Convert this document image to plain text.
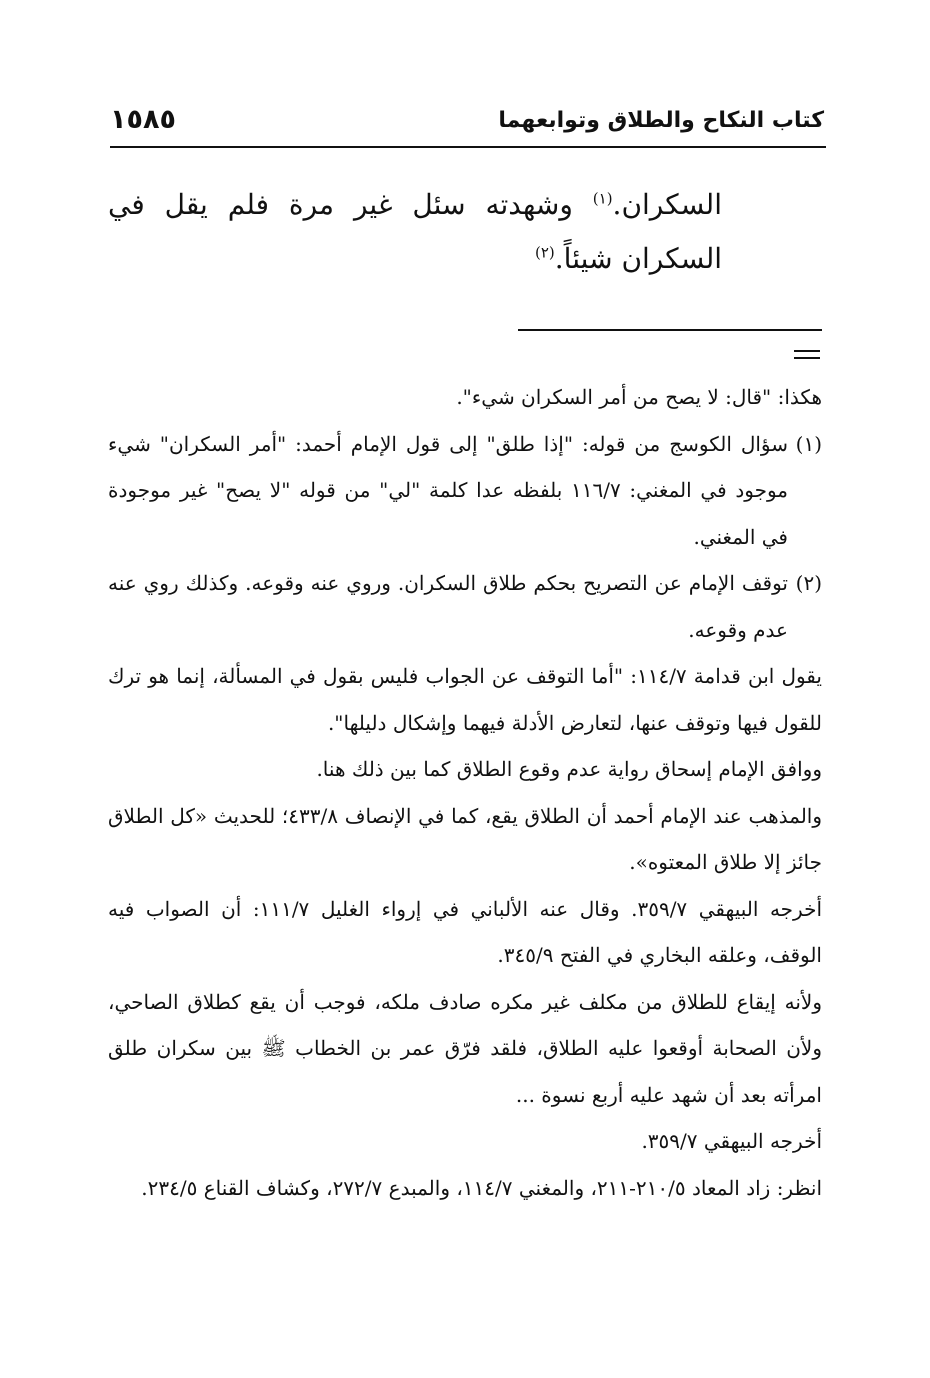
كتاب النكاح والطلاق وتوابعهما
١٥٨٥

السكران.$^{(١)}$ وشهدته سئل غير مرة فلم يقل في السكران شيئاً.$^{(٢)}$

هكذا: "قال: لا يصح من أمر السكران شيء".

(١)سؤال الكوسج من قوله: "إذا طلق" إلى قول الإمام أحمد: "أمر السكران" شيء موجود في المغني: ١١٦/٧ بلفظه عدا كلمة "لي" من قوله "لا يصح" غير موجودة في المغني.

(٢)توقف الإمام عن التصريح بحكم طلاق السكران. وروي عنه وقوعه. وكذلك روي عنه عدم وقوعه.

يقول ابن قدامة ١١٤/٧: "أما التوقف عن الجواب فليس بقول في المسألة، إنما هو ترك للقول فيها وتوقف عنها، لتعارض الأدلة فيهما وإشكال دليلها".

ووافق الإمام إسحاق رواية عدم وقوع الطلاق كما بين ذلك هنا.

والمذهب عند الإمام أحمد أن الطلاق يقع، كما في الإنصاف ٤٣٣/٨؛ للحديث «كل الطلاق جائز إلا طلاق المعتوه».

أخرجه البيهقي ٣٥٩/٧. وقال عنه الألباني في إرواء الغليل ١١١/٧: أن الصواب فيه الوقف، وعلقه البخاري في الفتح ٣٤٥/٩.

ولأنه إيقاع للطلاق من مكلف غير مكره صادف ملكه، فوجب أن يقع كطلاق الصاحي، ولأن الصحابة أوقعوا عليه الطلاق، فلقد فرّق عمر بن الخطاب ﷺ بين سكران طلق امرأته بعد أن شهد عليه أربع نسوة ...

أخرجه البيهقي ٣٥٩/٧.

انظر: زاد المعاد ٢١٠/٥-٢١١، والمغني ١١٤/٧، والمبدع ٢٧٢/٧، وكشاف القناع ٢٣٤/٥.
